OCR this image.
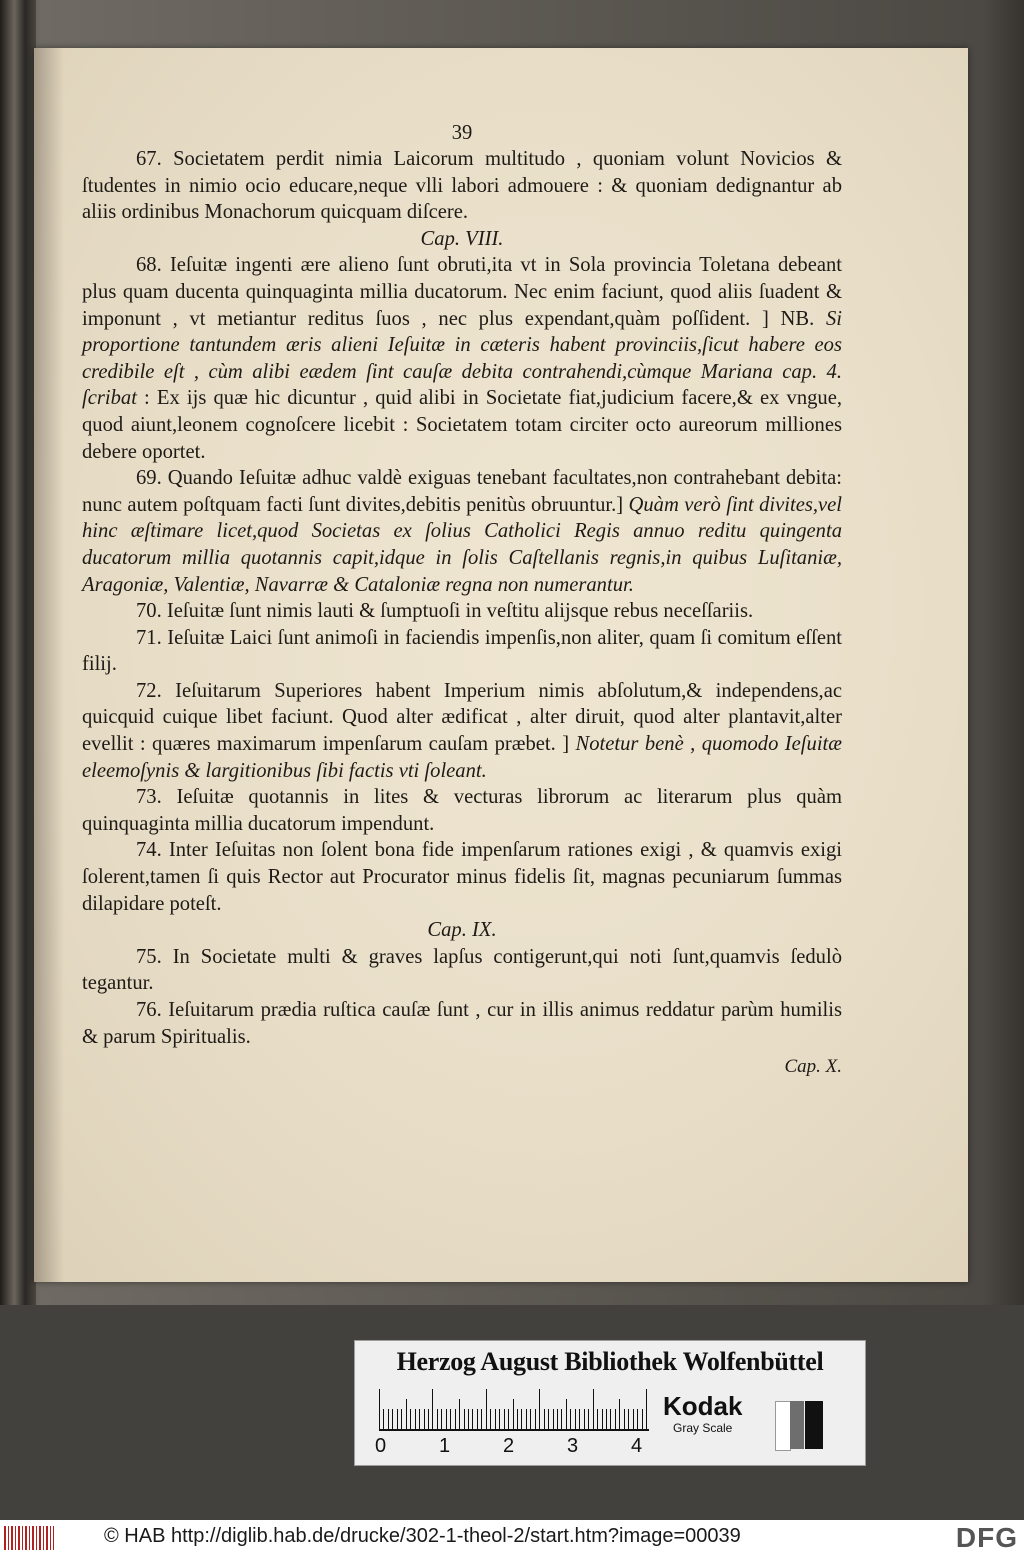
39

67. Societatem perdit nimia Laicorum multitudo , quoniam volunt Novicios & ſtudentes in nimio ocio educare,neque vlli labori admouere : & quoniam dedignantur ab aliis ordinibus Monachorum quicquam diſcere.

Cap. VIII.

68. Ieſuitæ ingenti ære alieno ſunt obruti,ita vt in Sola provincia Toletana debeant plus quam ducenta quinquaginta millia ducatorum. Nec enim faciunt, quod aliis ſuadent & imponunt , vt metiantur reditus ſuos , nec plus expendant,quàm poſſident. ] NB. Si proportione tantundem æris alieni Ieſuitæ in cæteris habent provinciis,ſicut habere eos credibile eſt , cùm alibi eædem ſint cauſæ debita contrahendi,cùmque Mariana cap. 4. ſcribat : Ex ijs quæ hic dicuntur , quid alibi in Societate fiat,judicium facere,& ex vngue, quod aiunt,leonem cognoſcere licebit : Societatem totam circiter octo aureorum milliones debere oportet.

69. Quando Ieſuitæ adhuc valdè exiguas tenebant facultates,non contrahebant debita: nunc autem poſtquam facti ſunt divites,debitis penitùs obruuntur.] Quàm verò ſint divites,vel hinc æſtimare licet,quod Societas ex ſolius Catholici Regis annuo reditu quingenta ducatorum millia quotannis capit,idque in ſolis Caſtellanis regnis,in quibus Luſitaniæ, Aragoniæ, Valentiæ, Navarræ & Cataloniæ regna non numerantur.

70. Ieſuitæ ſunt nimis lauti & ſumptuoſi in veſtitu alijsque rebus neceſſariis.

71. Ieſuitæ Laici ſunt animoſi in faciendis impenſis,non aliter, quam ſi comitum eſſent filij.

72. Ieſuitarum Superiores habent Imperium nimis abſolutum,& independens,ac quicquid cuique libet faciunt. Quod alter ædificat , alter diruit, quod alter plantavit,alter evellit : quæres maximarum impenſarum cauſam præbet. ] Notetur benè , quomodo Ieſuitæ eleemoſynis & largitionibus ſibi factis vti ſoleant.

73. Ieſuitæ quotannis in lites & vecturas librorum ac literarum plus quàm quinquaginta millia ducatorum impendunt.

74. Inter Ieſuitas non ſolent bona fide impenſarum rationes exigi , & quamvis exigi ſolerent,tamen ſi quis Rector aut Procurator minus fidelis ſit, magnas pecuniarum ſummas dilapidare poteſt.

Cap. IX.

75. In Societate multi & graves lapſus contigerunt,qui noti ſunt,quamvis ſedulò tegantur.

76. Ieſuitarum prædia ruſtica cauſæ ſunt , cur in illis animus reddatur parùm humilis & parum Spiritualis.

Cap. X.

Herzog August Bibliothek Wolfenbüttel
0	1	2	3	4
Kodak
Gray Scale
© HAB http://diglib.hab.de/drucke/302-1-theol-2/start.htm?image=00039	DFG
